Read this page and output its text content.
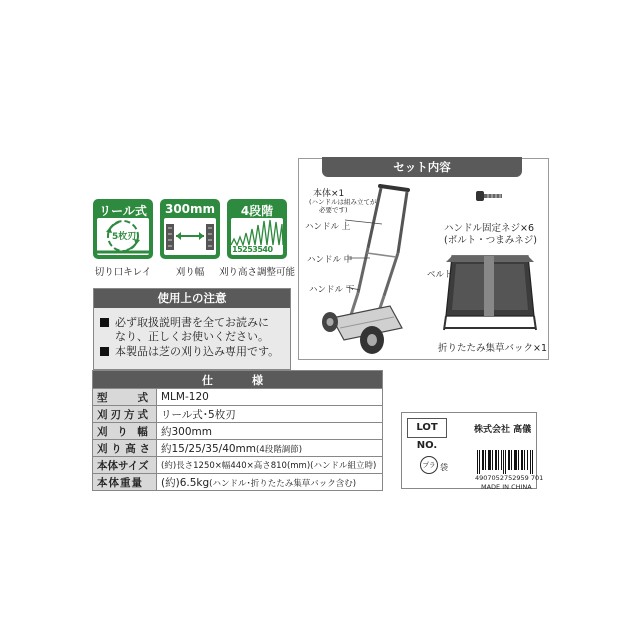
リール式
5枚刃
切り口キレイ
300mm
刈り幅
4段階
15253540
刈り高さ調整可能
使用上の注意
必ず取扱説明書を全てお読みに
なり、正しくお使いください。
本製品は芝の刈り込み専用です。
仕　様	
型　　式	MLM-120
刈刃方式	リール式･5枚刃
刈 り 幅	約300mm
刈 り 高 さ	約15/25/35/40mm(4段階調節)
本体サイズ	(約)長さ1250×幅440×高さ810(mm)(ハンドル組立時)
本体重量	(約)6.5kg(ハンドル･折りたたみ集草バック含む)
セット内容
本体×1
(ハンドルは組み立てが
必要です)
ハンドル 上
ハンドル 中
ハンドル 下
ハンドル固定ネジ×6
(ボルト・つまみネジ)
ベルト
折りたたみ集草バック×1
LOT NO.
株式会社 高儀
プラ 袋
4907052752959 701
MADE IN CHINA
